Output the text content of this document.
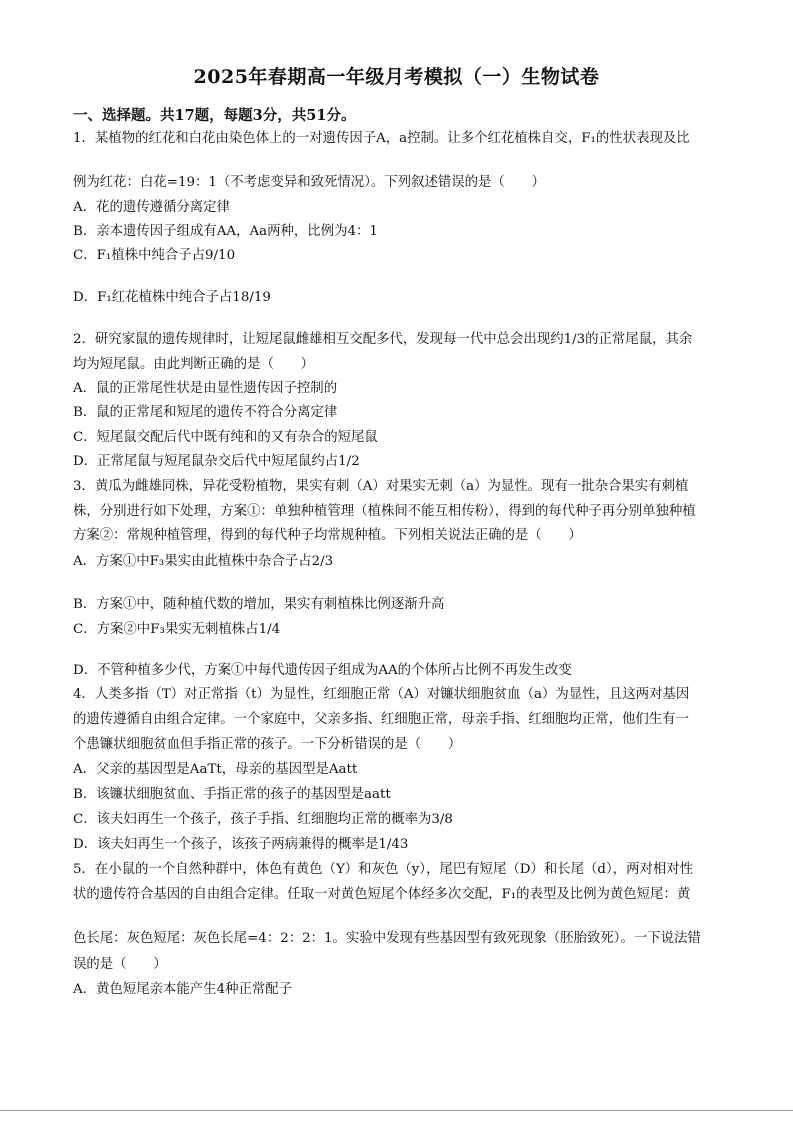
2025年春期高一年级月考模拟（一）生物试卷
一、选择题。共17题，每题3分，共51分。
1．某植物的红花和白花由染色体上的一对遗传因子A，a控制。让多个红花植株自交，F₁的性状表现及比
例为红花：白花=19：1（不考虑变异和致死情况）。下列叙述错误的是（　　）
A．花的遗传遵循分离定律
B．亲本遗传因子组成有AA，Aa两种，比例为4：1
C．F₁植株中纯合子占9/10
D．F₁红花植株中纯合子占18/19
2．研究家鼠的遗传规律时，让短尾鼠雌雄相互交配多代，发现每一代中总会出现约1/3的正常尾鼠，其余
均为短尾鼠。由此判断正确的是（　　）
A．鼠的正常尾性状是由显性遗传因子控制的
B．鼠的正常尾和短尾的遗传不符合分离定律
C．短尾鼠交配后代中既有纯和的又有杂合的短尾鼠
D．正常尾鼠与短尾鼠杂交后代中短尾鼠约占1/2
3．黄瓜为雌雄同株，异花受粉植物，果实有刺（A）对果实无刺（a）为显性。现有一批杂合果实有刺植
株，分别进行如下处理，方案①：单独种植管理（植株间不能互相传粉），得到的每代种子再分别单独种植
方案②：常规种植管理，得到的每代种子均常规种植。下列相关说法正确的是（　　）
A．方案①中F₃果实由此植株中杂合子占2/3
B．方案①中，随种植代数的增加，果实有刺植株比例逐渐升高
C．方案②中F₃果实无刺植株占1/4
D．不管种植多少代，方案①中每代遗传因子组成为AA的个体所占比例不再发生改变
4．人类多指（T）对正常指（t）为显性，红细胞正常（A）对镰状细胞贫血（a）为显性，且这两对基因
的遗传遵循自由组合定律。一个家庭中，父亲多指、红细胞正常，母亲手指、红细胞均正常，他们生有一
个患镰状细胞贫血但手指正常的孩子。一下分析错误的是（　　）
A．父亲的基因型是AaTt，母亲的基因型是Aatt
B．该镰状细胞贫血、手指正常的孩子的基因型是aatt
C．该夫妇再生一个孩子，孩子手指、红细胞均正常的概率为3/8
D．该夫妇再生一个孩子，该孩子两病兼得的概率是1/43
5．在小鼠的一个自然种群中，体色有黄色（Y）和灰色（y），尾巴有短尾（D）和长尾（d），两对相对性
状的遗传符合基因的自由组合定律。任取一对黄色短尾个体经多次交配，F₁的表型及比例为黄色短尾：黄
色长尾：灰色短尾：灰色长尾=4：2：2：1。实验中发现有些基因型有致死现象（胚胎致死）。一下说法错
误的是（　　）
A．黄色短尾亲本能产生4种正常配子
